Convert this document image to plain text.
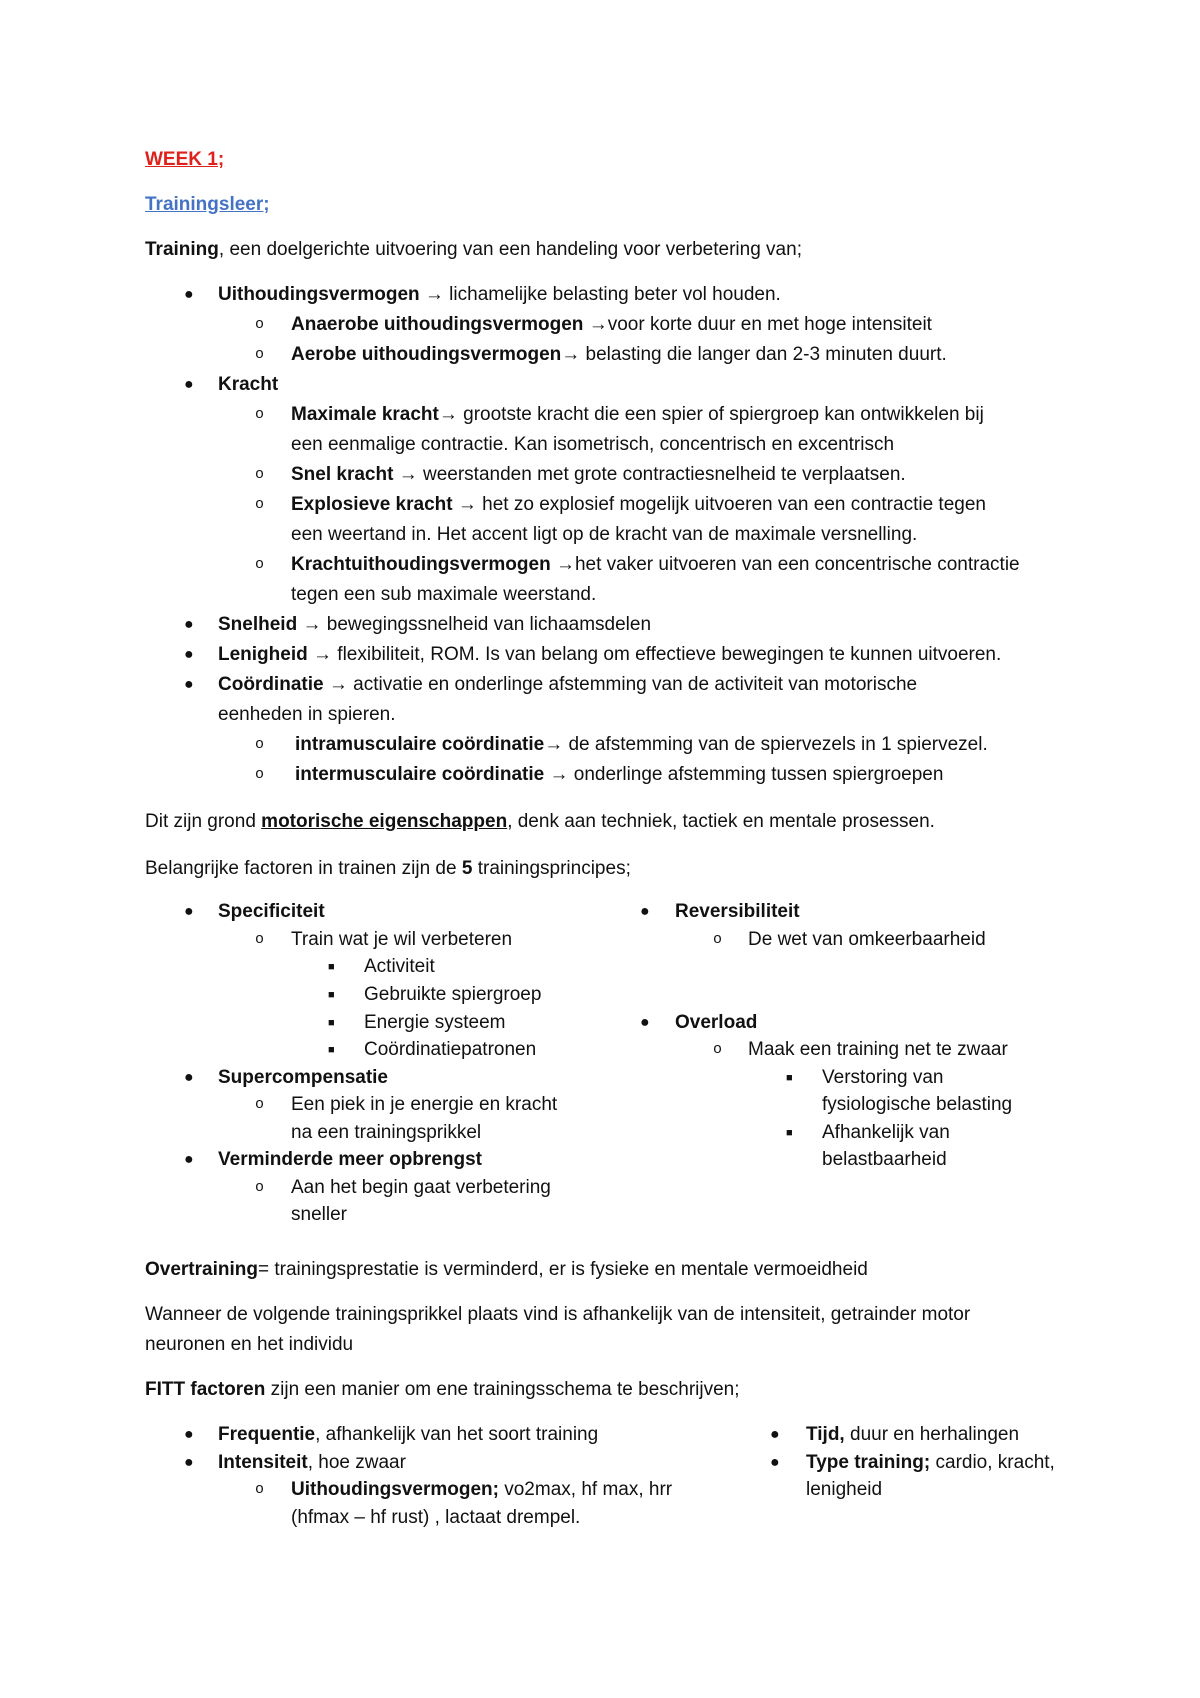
WEEK 1;
Trainingsleer;
Training, een doelgerichte uitvoering van een handeling voor verbetering van;
● Uithoudingsvermogen → lichamelijke belasting beter vol houden.
o Anaerobe uithoudingsvermogen →voor korte duur en met hoge intensiteit
o Aerobe uithoudingsvermogen→ belasting die langer dan 2-3 minuten duurt.
● Kracht
o Maximale kracht→ grootste kracht die een spier of spiergroep kan ontwikkelen bij
een eenmalige contractie. Kan isometrisch, concentrisch en excentrisch
o Snel kracht → weerstanden met grote contractiesnelheid te verplaatsen.
o Explosieve kracht → het zo explosief mogelijk uitvoeren van een contractie tegen
een weertand in. Het accent ligt op de kracht van de maximale versnelling.
o Krachtuithoudingsvermogen →het vaker uitvoeren van een concentrische contractie
tegen een sub maximale weerstand.
● Snelheid → bewegingssnelheid van lichaamsdelen
● Lenigheid → flexibiliteit, ROM. Is van belang om effectieve bewegingen te kunnen uitvoeren.
● Coördinatie → activatie en onderlinge afstemming van de activiteit van motorische
eenheden in spieren.
o intramusculaire coördinatie→ de afstemming van de spiervezels in 1 spiervezel.
o intermusculaire coördinatie → onderlinge afstemming tussen spiergroepen
Dit zijn grond motorische eigenschappen, denk aan techniek, tactiek en mentale prosessen.
Belangrijke factoren in trainen zijn de 5 trainingsprincipes;
● Specificiteit
o Train wat je wil verbeteren
■ Activiteit
■ Gebruikte spiergroep
■ Energie systeem
■ Coördinatiepatronen
● Supercompensatie
o Een piek in je energie en kracht
na een trainingsprikkel
● Verminderde meer opbrengst
o Aan het begin gaat verbetering
sneller
● Reversibiliteit
o De wet van omkeerbaarheid
● Overload
o Maak een training net te zwaar
■ Verstoring van
fysiologische belasting
■ Afhankelijk van
belastbaarheid
Overtraining= trainingsprestatie is verminderd, er is fysieke en mentale vermoeidheid
Wanneer de volgende trainingsprikkel plaats vind is afhankelijk van de intensiteit, getrainder motor
neuronen en het individu
FITT factoren zijn een manier om ene trainingsschema te beschrijven;
● Frequentie, afhankelijk van het soort training
● Intensiteit, hoe zwaar
o Uithoudingsvermogen; vo2max, hf max, hrr
(hfmax – hf rust) , lactaat drempel.
● Tijd, duur en herhalingen
● Type training; cardio, kracht,
lenigheid
